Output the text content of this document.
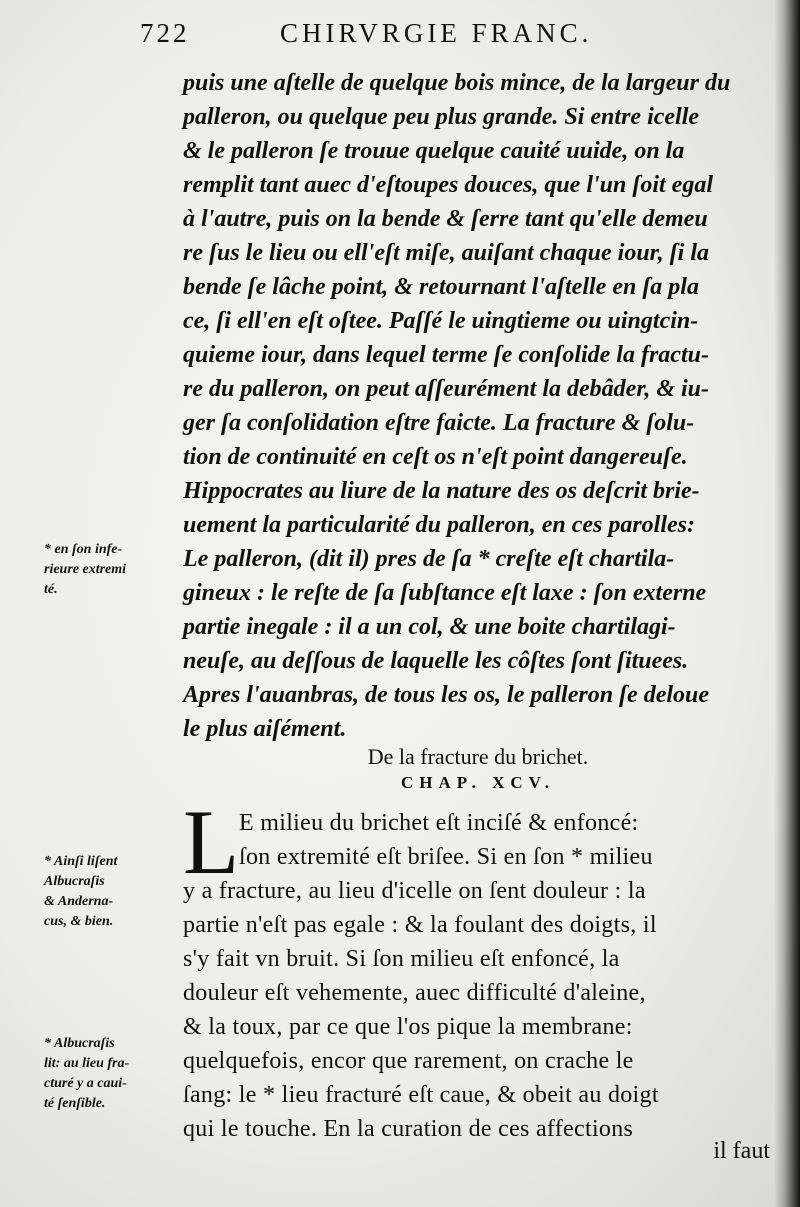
722	CHIRVRGIE FRANC.
puis une aſtelle de quelque bois mince, de la largeur du
palleron, ou quelque peu plus grande. Si entre icelle
& le palleron ſe trouue quelque cauité uuide, on la
remplit tant auec d'eſtoupes douces, que l'un ſoit egal
à l'autre, puis on la bende & ſerre tant qu'elle demeu
re ſus le lieu ou ell'eſt miſe, auiſant chaque iour, ſi la
bende ſe lâche point, & retournant l'aſtelle en ſa pla
ce, ſi ell'en eſt oſtee. Paſſé le uingtieme ou uingtcin-
quieme iour, dans lequel terme ſe conſolide la fractu-
re du palleron, on peut aſſeurément la debâder, & iu-
ger ſa conſolidation eſtre faicte. La fracture & ſolu-
tion de continuité en ceſt os n'eſt point dangereuſe.
Hippocrates au liure de la nature des os deſcrit brie-
uement la particularité du palleron, en ces parolles:
Le palleron, (dit il) pres de ſa * creſte eſt chartila-
gineux : le reſte de ſa ſubſtance eſt laxe : ſon externe
partie inegale : il a un col, & une boite chartilagi-
neuſe, au deſſous de laquelle les côſtes ſont ſituees.
Apres l'auanbras, de tous les os, le palleron ſe deloue
le plus aiſément.
De la fracture du brichet.
CHAP. XCV.
L E milieu du brichet eſt inciſé & enfoncé:
ſon extremité eſt briſee. Si en ſon * milieu
y a fracture, au lieu d'icelle on ſent douleur : la
partie n'eſt pas egale : & la foulant des doigts, il
s'y fait vn bruit. Si ſon milieu eſt enfoncé, la
douleur eſt vehemente, auec difficulté d'aleine,
& la toux, par ce que l'os pique la membrane:
quelquefois, encor que rarement, on crache le
ſang: le * lieu fracturé eſt caue, & obeit au doigt
qui le touche. En la curation de ces affections
il faut
* en ſon infe-
rieure extremi
té.
* Ainſi liſent
Albucraſis
& Anderna-
cus, & bien.
* Albucraſis
lit: au lieu fra-
cturé y a caui-
té ſenſible.
